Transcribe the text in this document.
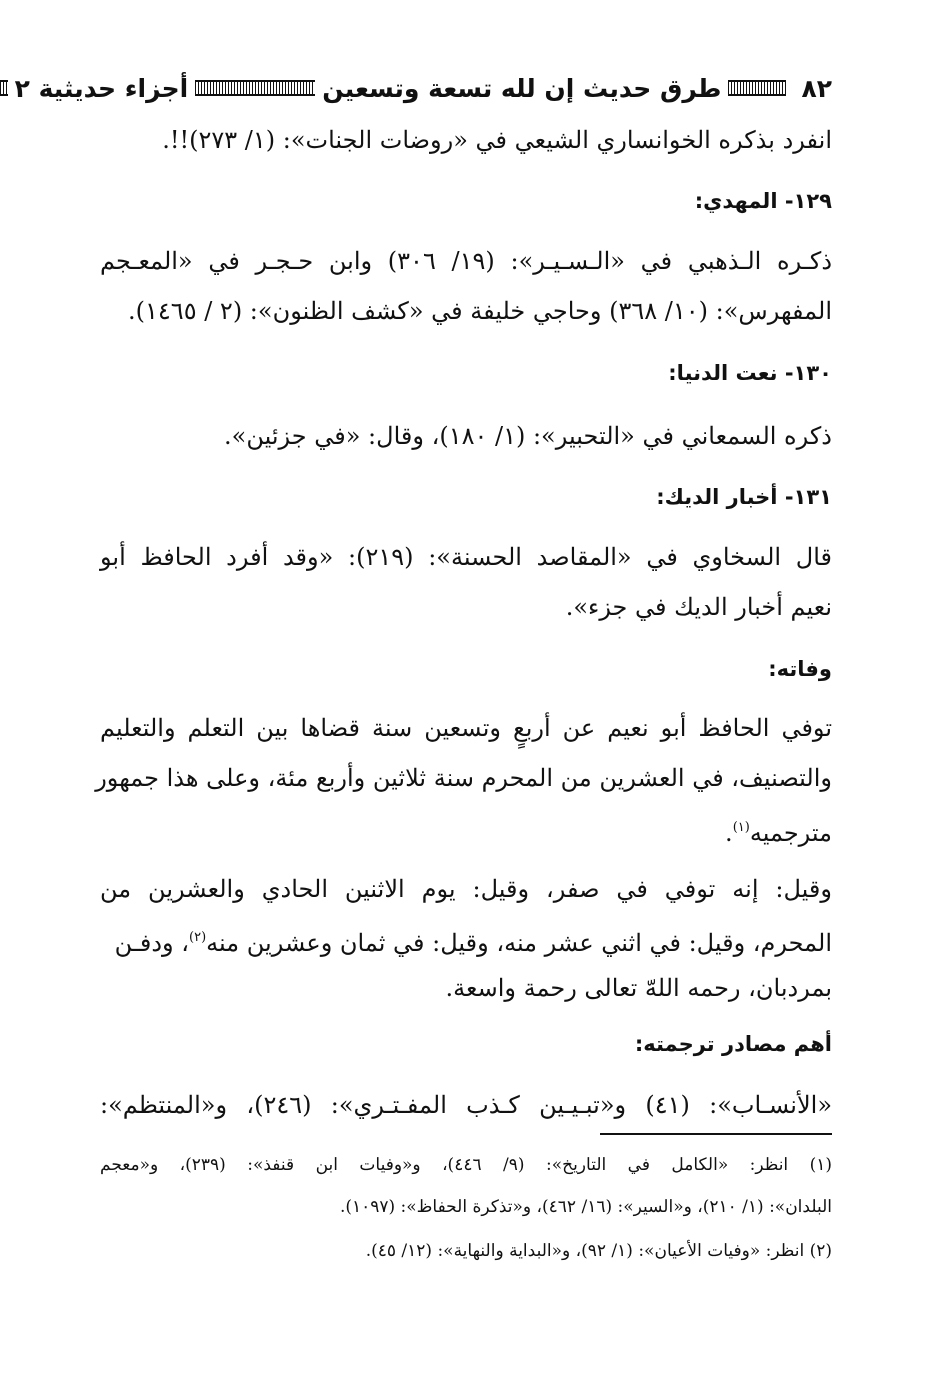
٨٢
طرق حديث إن لله تسعة وتسعين
أجزاء حديثية ٢
انفرد بذكره الخوانساري الشيعي في «روضات الجنات»: (١/ ٢٧٣)!!.
١٢٩- المهدي:
ذكـره الـذهبي في «الـسـيـر»: (١٩/ ٣٠٦) وابن حـجـر في «المعـجم
المفهرس»: (١٠/ ٣٦٨) وحاجي خليفة في «كشف الظنون»: (٢ / ١٤٦٥).
١٣٠- نعت الدنيا:
ذكره السمعاني في «التحبير»: (١/ ١٨٠)، وقال: «في جزئين».
١٣١- أخبار الديك:
قال السخاوي في «المقاصد الحسنة»: (٢١٩): «وقد أفرد الحافظ أبو
نعيم أخبار الديك في جزء».
وفاته:
توفي الحافظ أبو نعيم عن أربعٍ وتسعين سنة قضاها بين التعلم والتعليم
والتصنيف، في العشرين من المحرم سنة ثلاثين وأربع مئة، وعلى هذا جمهور
مترجميه$^{(١)}$.
وقيل: إنه توفي في صفر، وقيل: يوم الاثنين الحادي والعشرين من
المحرم، وقيل: في اثني عشر منه، وقيل: في ثمان وعشرين منه$^{(٢)}$، ودفـن
بمردبان، رحمه اللهّ تعالى رحمة واسعة.
أهم مصادر ترجمته:
«الأنسـاب»: (٤١) و«تبـيـين كـذب المفـتـري»: (٢٤٦)، و«المنتظم»:
(١) انظر: «الكامل في التاريخ»: (٩/ ٤٤٦)، و«وفيات ابن قنفذ»: (٢٣٩)، و«معجم
البلدان»: (١/ ٢١٠)، و«السير»: (١٦/ ٤٦٢)، و«تذكرة الحفاظ»: (١٠٩٧).
(٢) انظر: «وفيات الأعيان»: (١/ ٩٢)، و«البداية والنهاية»: (١٢/ ٤٥).
